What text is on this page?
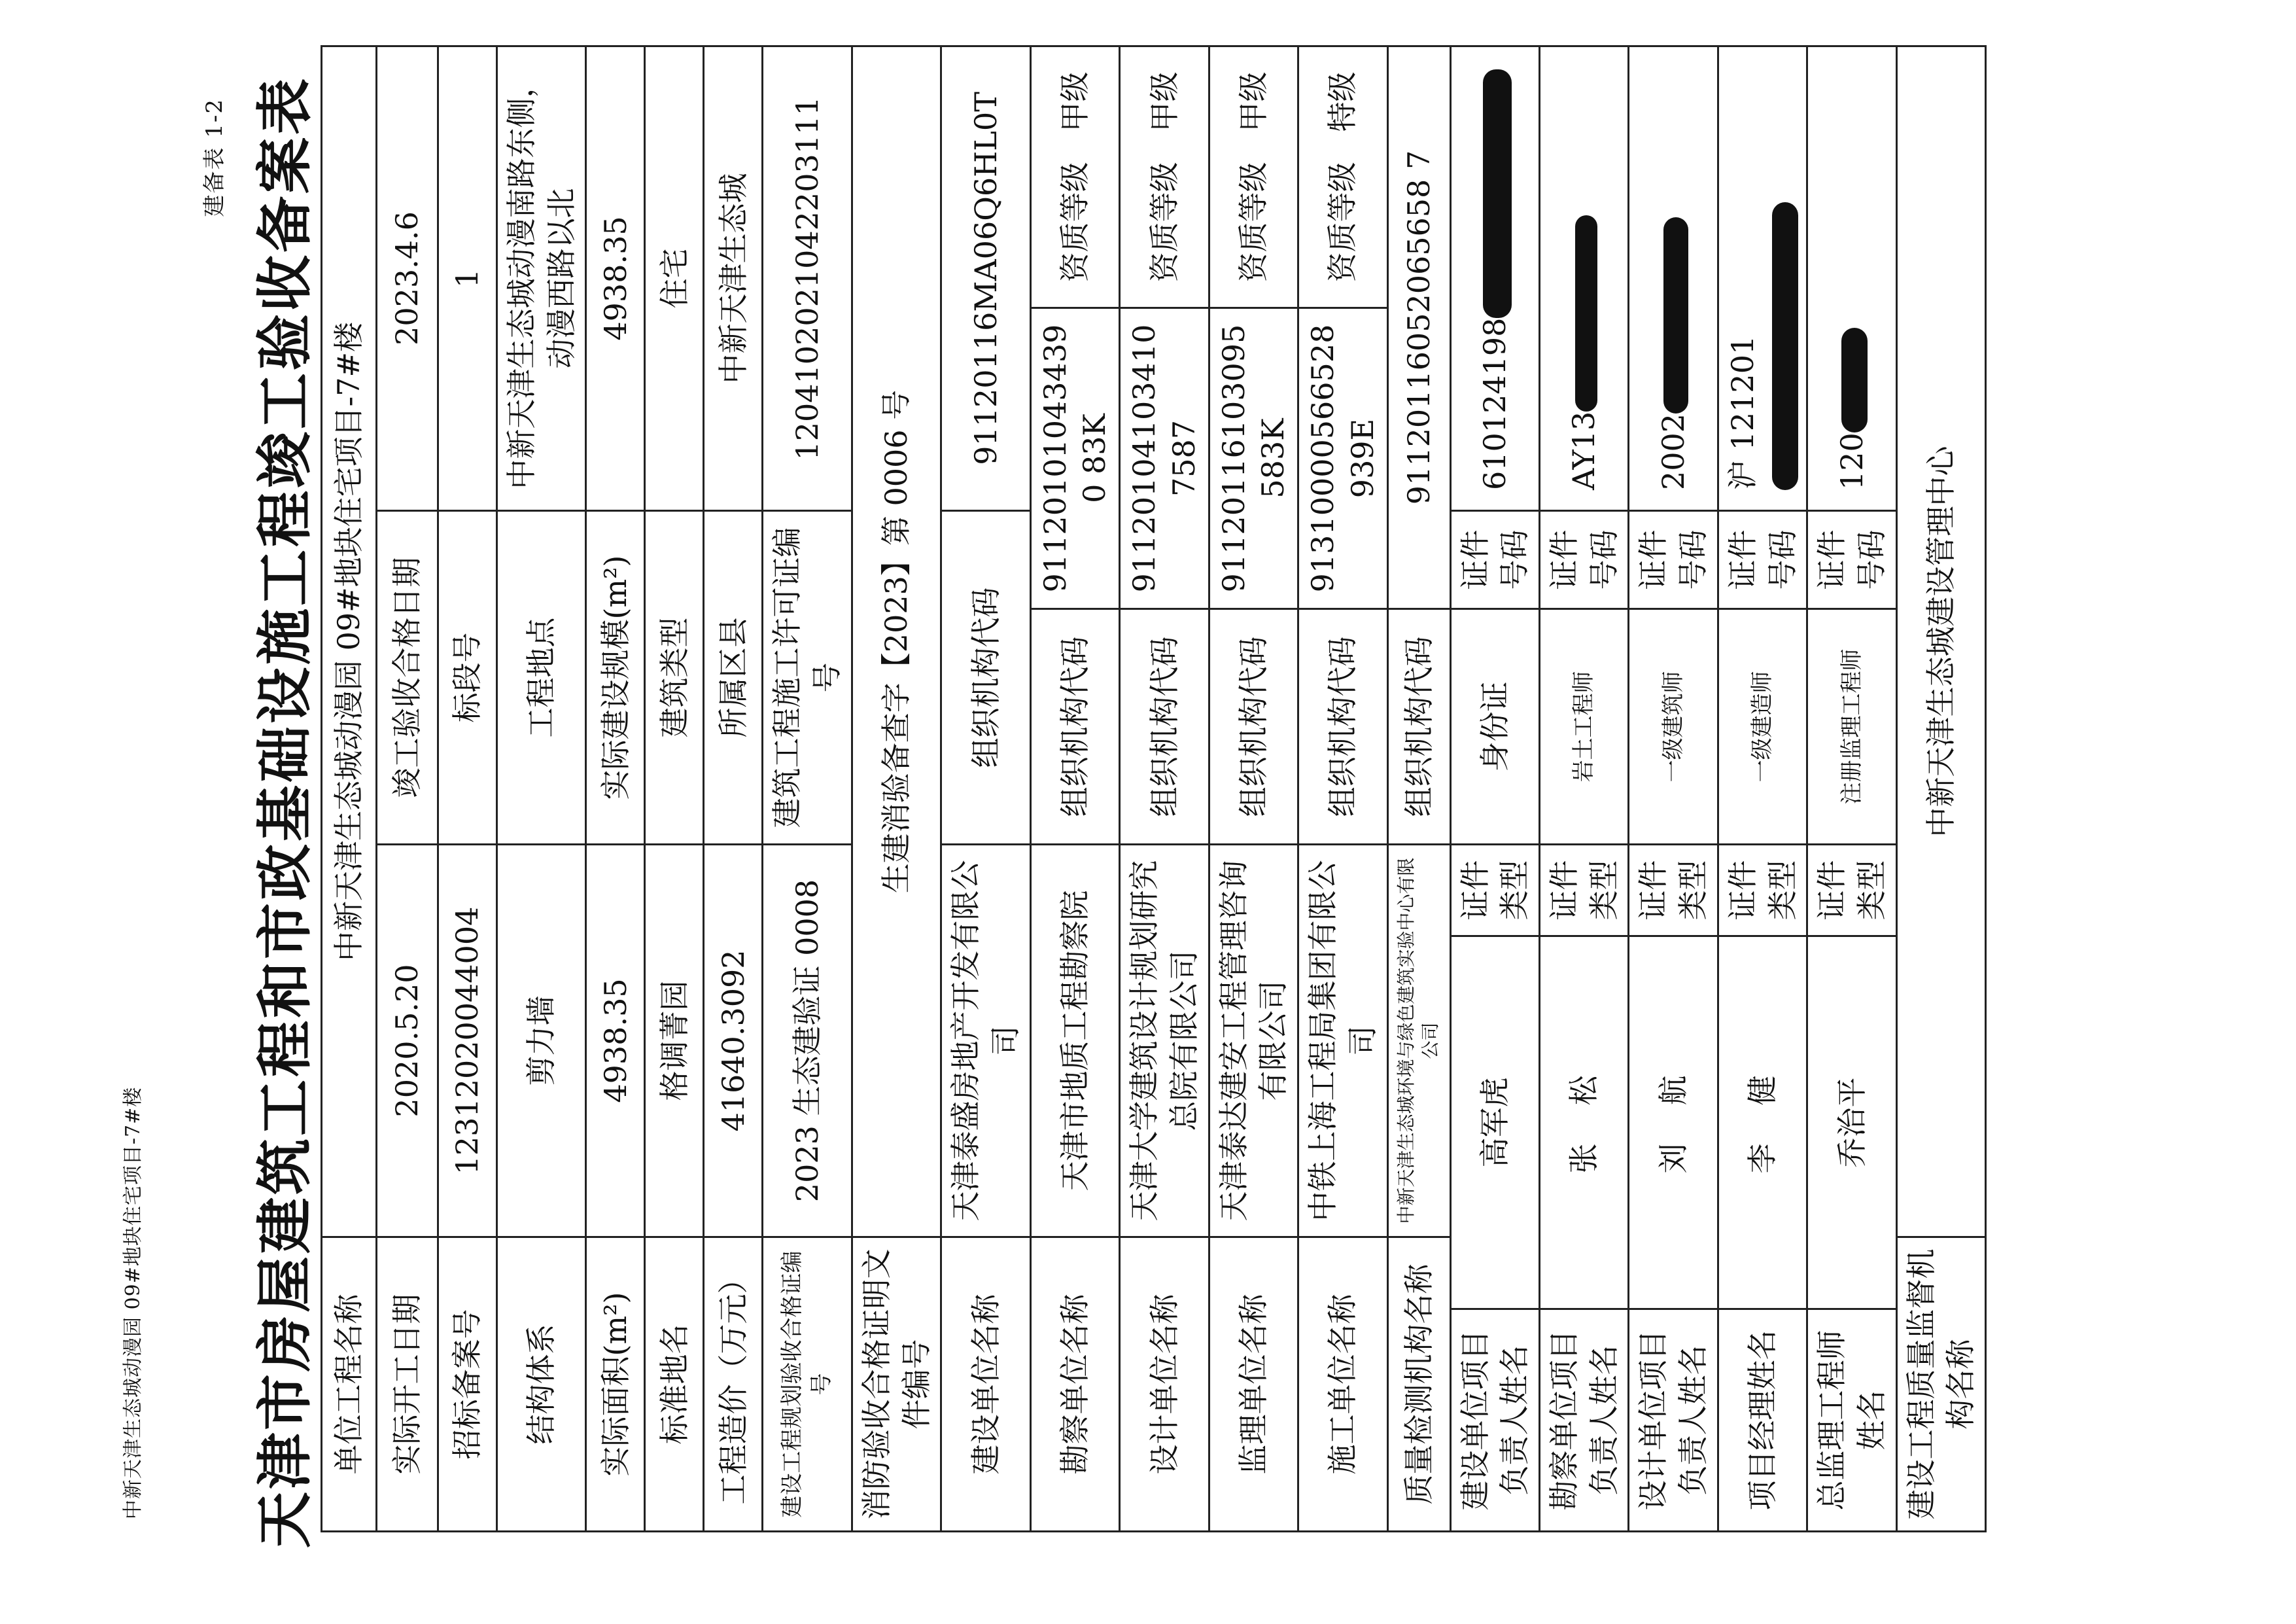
中新天津生态城动漫园 09#地块住宅项目-7#楼
建备表 1-2 天津市房屋建筑工程和市政基础设施工程竣工验收备案表 单位工程名称		中新天津生态城动漫园 09#地块住宅项目-7#楼					
实际开工日期		2020.5.20		竣工验收合格日期		2023.4.6	
招标备案号		12312020044004		标段号		1	
结构体系		剪力墙		工程地点		中新天津生态城动漫南路东侧，动漫西路以北	
实际面积(m²)		4938.35		实际建设规模(m²)		4938.35	
标准地名		格调菁园		建筑类型		住宅	
工程造价（万元）		41640.3092		所属区县		中新天津生态城	
建设工程规划验收合格证编号		2023 生态建验证 0008		建筑工程施工许可证编号		120410202104220311​1	
消防验收合格证明文件编号		生建消验备查字【2023】第 0006 号					
建设单位名称		天津泰盛房地产开发有限公司		组织机构代码		91120116MA06Q6HL0T	
勘察单位名称		天津市地质工程勘察院		组织机构代码	911201010434390 83K		资质等级　甲级
设计单位名称		天津大学建筑设计规划研究总院有限公司		组织机构代码	91120104103410 7587		资质等级　甲级
监理单位名称		天津泰达建安工程管理咨询有限公司		组织机构代码	91120116103095 583K		资质等级　甲级
施工单位名称		中铁上海工程局集团有限公司		组织机构代码	91310000566528 939E		资质等级　特级
质量检测机构名称		中新天津生态城环境与绿色建筑实验中心有限公司		组织机构代码	91120116052065658 7		
建设单位项目负责人姓名	高军虎		证件类型	身份证	证件号码	6101241​98	
勘察单位项目负责人姓名	张　松		证件类型	岩土工程师	证件号码	AY13	
设计单位项目负责人姓名	刘　航		证件类型	一级建筑师	证件号码	2002	
项目经理姓名	李　健		证件类型	一级建造师	证件号码	沪 121201	
总监理工程师姓名	乔治平		证件类型	注册监理工程师	证件号码	120	
建设工程质量监督机构名称		中新天津生态城建设管理中心					
